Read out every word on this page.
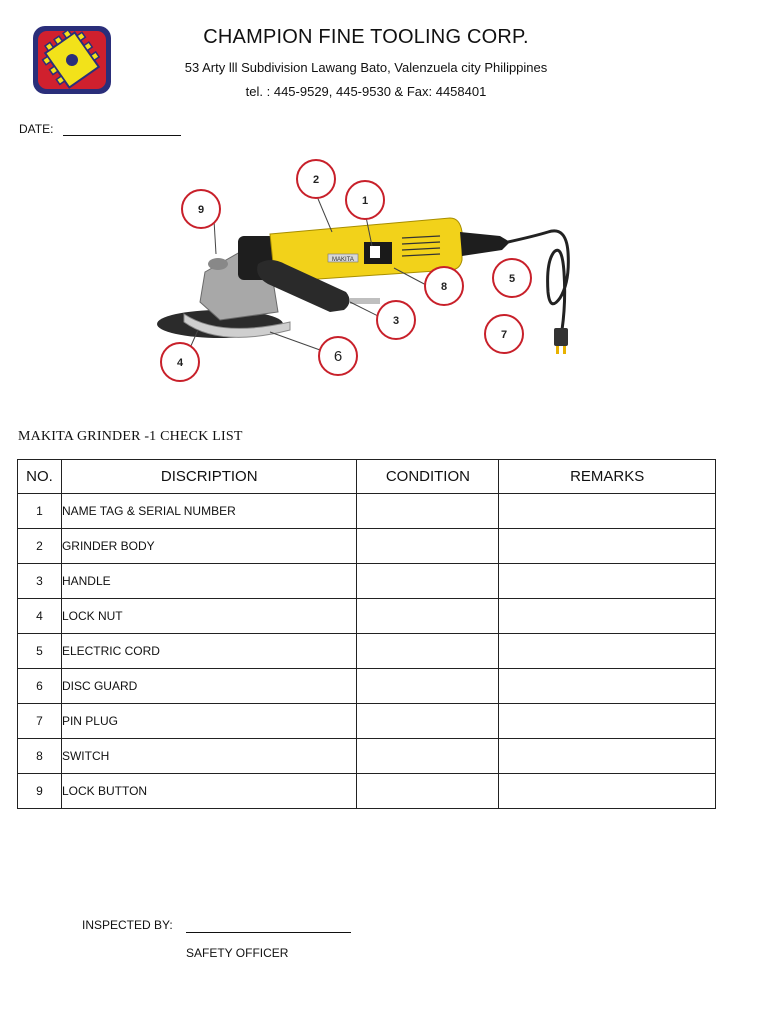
CHAMPION FINE TOOLING CORP.
53 Arty lll Subdivision Lawang Bato, Valenzuela city Philippines
tel. : 445-9529, 445-9530 & Fax: 4458401
DATE:
MAKITA
2
1
9
8
5
3
7
6
4
MAKITA GRINDER -1 CHECK LIST
NO.	DISCRIPTION	CONDITION	REMARKS
1	NAME TAG & SERIAL NUMBER		
2	GRINDER BODY		
3	HANDLE		
4	LOCK NUT		
5	ELECTRIC CORD		
6	DISC GUARD		
7	PIN PLUG		
8	SWITCH		
9	LOCK BUTTON		
INSPECTED BY:
SAFETY OFFICER
